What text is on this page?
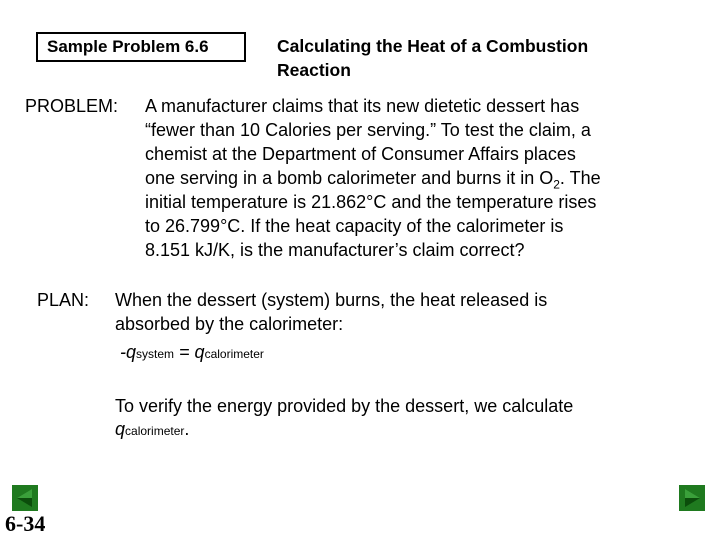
Sample Problem 6.6	Calculating the Heat of a Combustion
Reaction
PROBLEM: A manufacturer claims that its new dietetic dessert has
“fewer than 10 Calories per serving.” To test the claim, a
chemist at the Department of Consumer Affairs places
one serving in a bomb calorimeter and burns it in $O_2$. The
initial temperature is 21.862°C and the temperature rises
to 26.799°C. If the heat capacity of the calorimeter is
8.151 kJ/K, is the manufacturer’s claim correct?
PLAN: When the dessert (system) burns, the heat released is
absorbed by the calorimeter:
-qsystem = qcalorimeter
To verify the energy provided by the dessert, we calculate
qcalorimeter.
6-34
